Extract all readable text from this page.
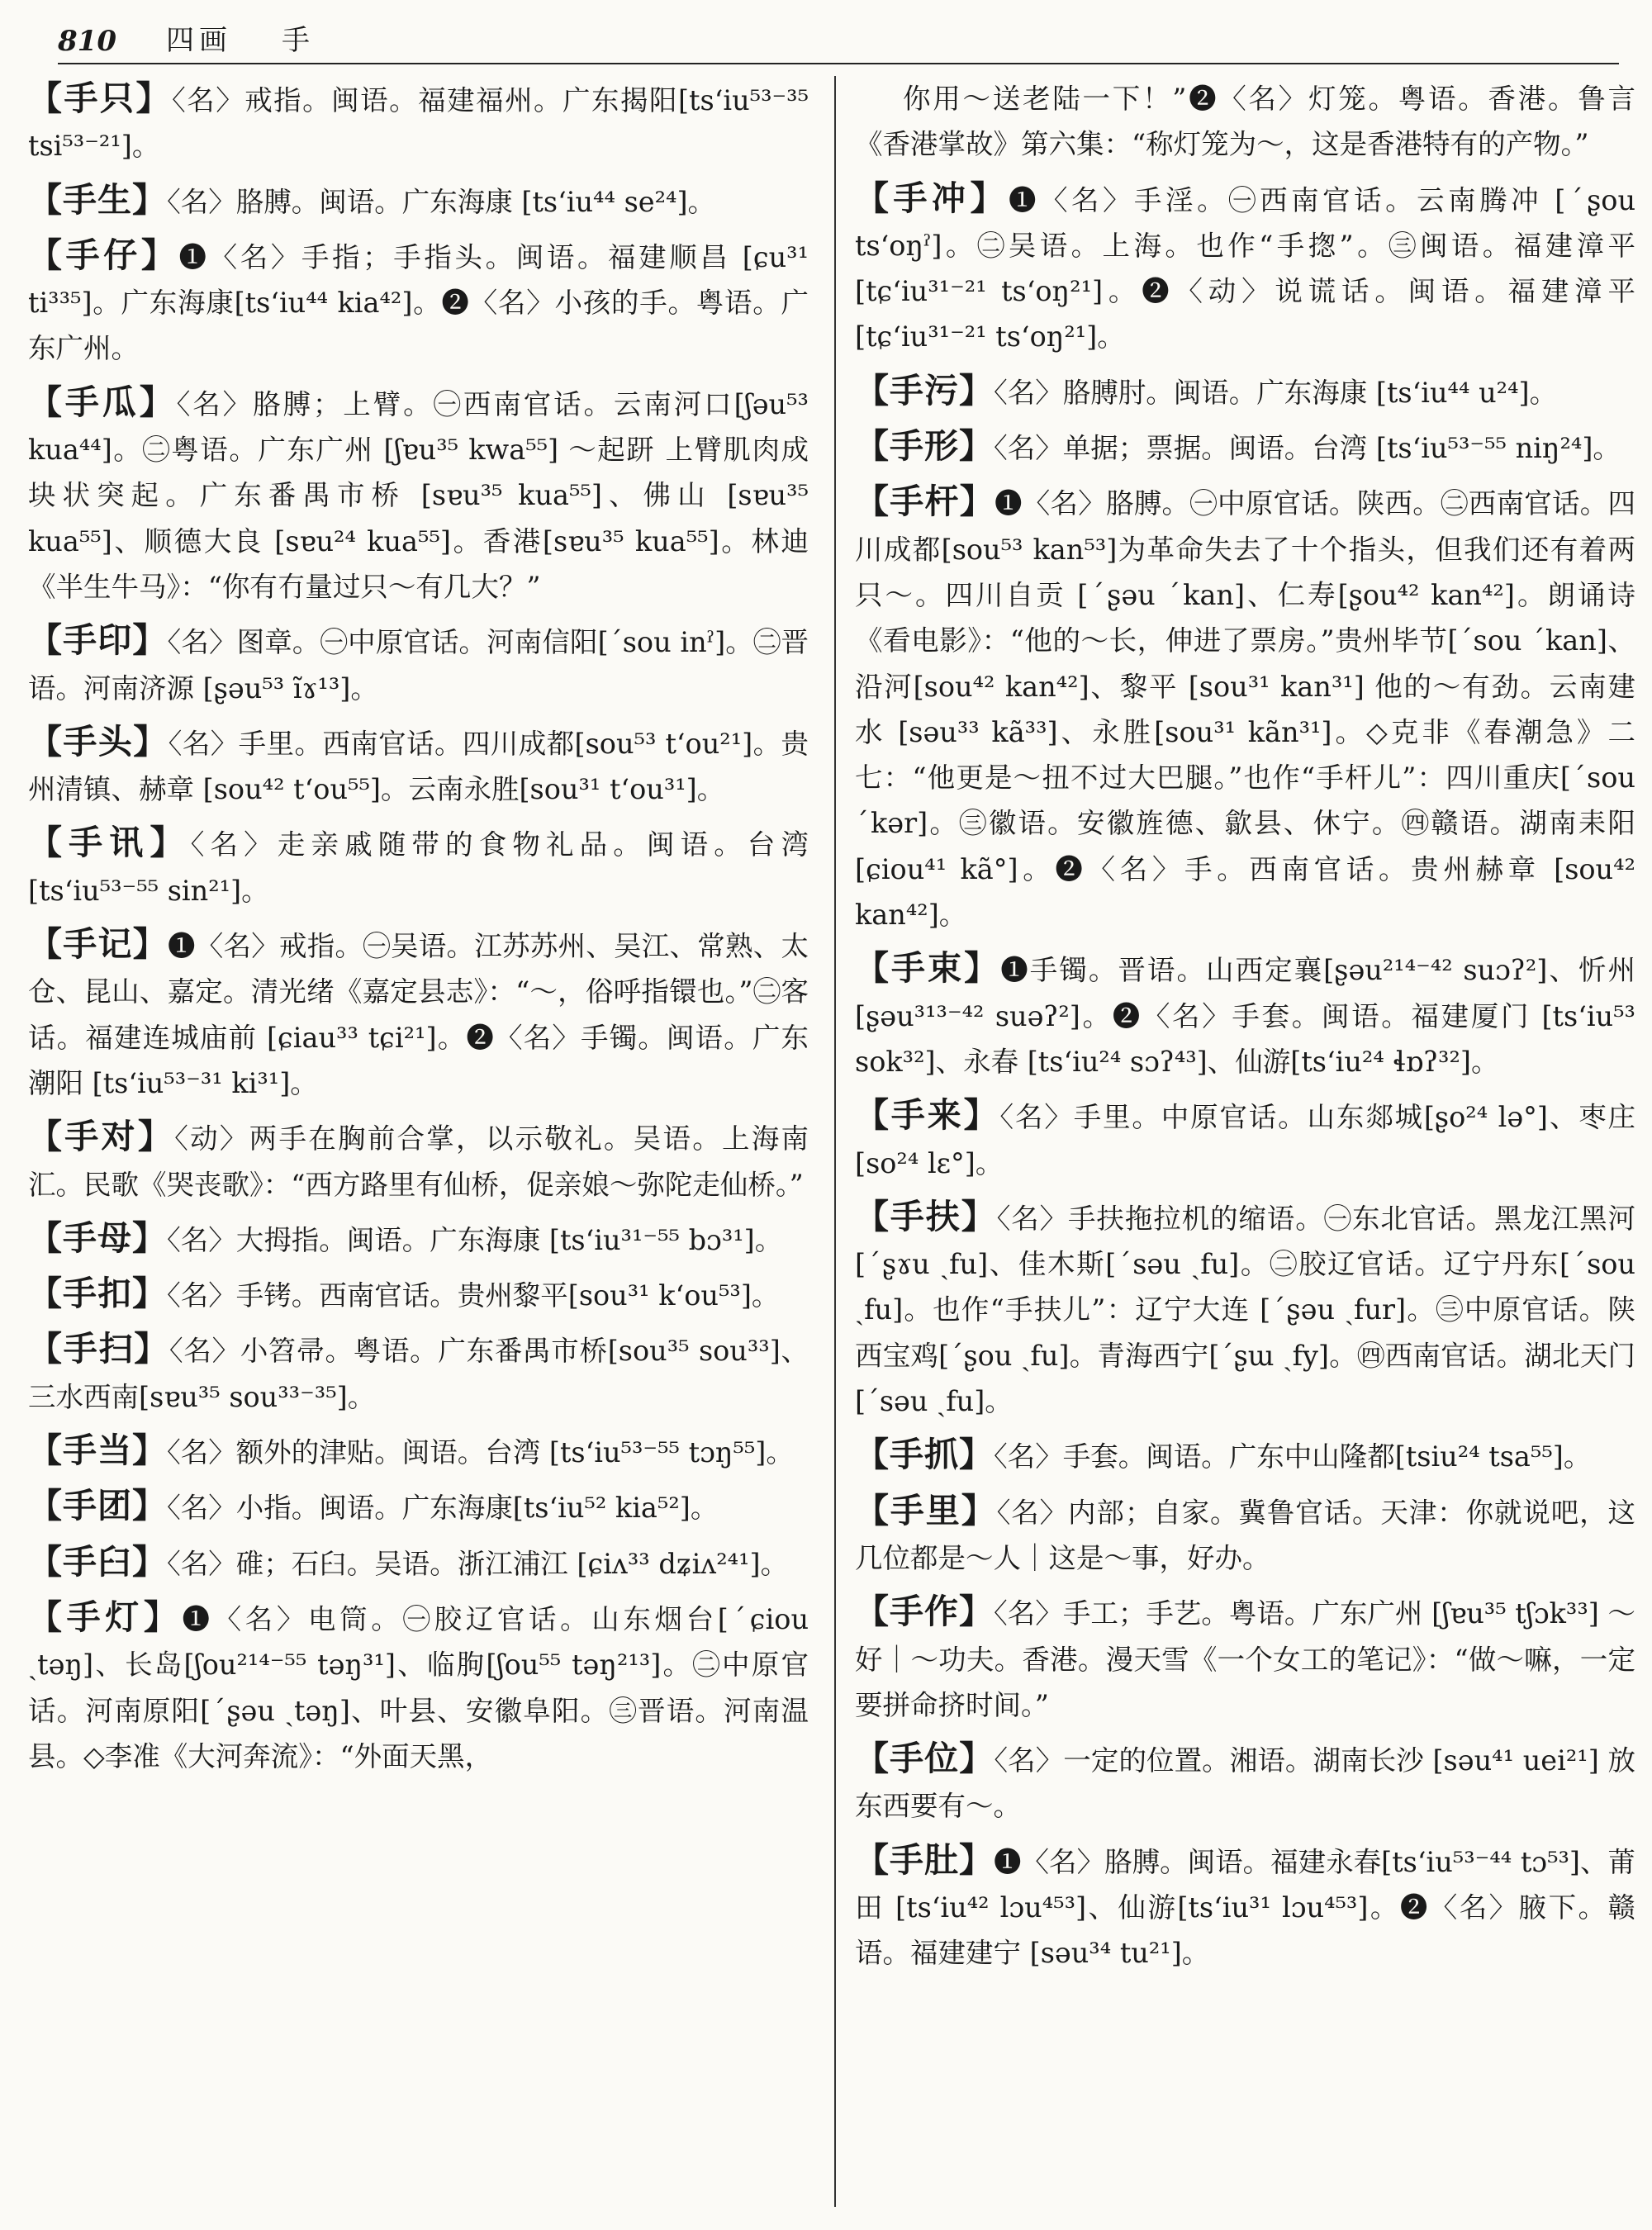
810 四画 手

【手只】〈名〉戒指。闽语。福建福州。广东揭阳[tsʻiu⁵³⁻³⁵ tsi⁵³⁻²¹]。

【手生】〈名〉胳膊。闽语。广东海康 [tsʻiu⁴⁴ se²⁴]。

【手仔】❶〈名〉手指；手指头。闽语。福建顺昌 [ɕu³¹ ti³³⁵]。广东海康[tsʻiu⁴⁴ kia⁴²]。❷〈名〉小孩的手。粤语。广东广州。

【手瓜】〈名〉胳膊；上臂。㊀西南官话。云南河口[ʃəu⁵³ kua⁴⁴]。㊁粤语。广东广州 [ʃɐu³⁵ kwa⁵⁵] ～起趼 上臂肌肉成块状突起。广东番禺市桥 [sɐu³⁵ kua⁵⁵]、佛山 [sɐu³⁵ kua⁵⁵]、顺德大良 [sɐu²⁴ kua⁵⁵]。香港[sɐu³⁵ kua⁵⁵]。林迪《半生牛马》：“你有冇量过只～有几大？”

【手印】〈名〉图章。㊀中原官话。河南信阳[ˊsou inˀ]。㊁晋语。河南济源 [ʂəu⁵³ ĩɤ¹³]。

【手头】〈名〉手里。西南官话。四川成都[sou⁵³ tʻou²¹]。贵州清镇、赫章 [sou⁴² tʻou⁵⁵]。云南永胜[sou³¹ tʻou³¹]。

【手讯】〈名〉走亲戚随带的食物礼品。闽语。台湾[tsʻiu⁵³⁻⁵⁵ sin²¹]。

【手记】❶〈名〉戒指。㊀吴语。江苏苏州、吴江、常熟、太仓、昆山、嘉定。清光绪《嘉定县志》：“～，俗呼指镮也。”㊁客话。福建连城庙前 [ɕiau³³ tɕi²¹]。❷〈名〉手镯。闽语。广东潮阳 [tsʻiu⁵³⁻³¹ ki³¹]。

【手对】〈动〉两手在胸前合掌，以示敬礼。吴语。上海南汇。民歌《哭丧歌》：“西方路里有仙桥，促亲娘～弥陀走仙桥。”

【手母】〈名〉大拇指。闽语。广东海康 [tsʻiu³¹⁻⁵⁵ bɔ³¹]。

【手扣】〈名〉手铐。西南官话。贵州黎平[sou³¹ kʻou⁵³]。

【手扫】〈名〉小笤帚。粤语。广东番禺市桥[sou³⁵ sou³³]、三水西南[sɐu³⁵ sou³³⁻³⁵]。

【手当】〈名〉额外的津贴。闽语。台湾 [tsʻiu⁵³⁻⁵⁵ tɔŋ⁵⁵]。

【手团】〈名〉小指。闽语。广东海康[tsʻiu⁵² kia⁵²]。

【手臼】〈名〉碓；石臼。吴语。浙江浦江 [ɕiʌ³³ dʑiʌ²⁴¹]。

【手灯】❶〈名〉电筒。㊀胶辽官话。山东烟台[ˊɕiou ˏtəŋ]、长岛[ʃou²¹⁴⁻⁵⁵ təŋ³¹]、临朐[ʃou⁵⁵ təŋ²¹³]。㊁中原官话。河南原阳[ˊʂəu ˏtəŋ]、叶县、安徽阜阳。㊂晋语。河南温县。◇李准《大河奔流》：“外面天黑，

你用～送老陆一下！”❷〈名〉灯笼。粤语。香港。鲁言《香港掌故》第六集：“称灯笼为～，这是香港特有的产物。”

【手冲】❶〈名〉手淫。㊀西南官话。云南腾冲 [ˊʂou tsʻoŋˀ]。㊁吴语。上海。也作“手揔”。㊂闽语。福建漳平 [tɕʻiu³¹⁻²¹ tsʻoŋ²¹]。❷〈动〉说谎话。闽语。福建漳平 [tɕʻiu³¹⁻²¹ tsʻoŋ²¹]。

【手污】〈名〉胳膊肘。闽语。广东海康 [tsʻiu⁴⁴ u²⁴]。

【手形】〈名〉单据；票据。闽语。台湾 [tsʻiu⁵³⁻⁵⁵ niŋ²⁴]。

【手杆】❶〈名〉胳膊。㊀中原官话。陕西。㊁西南官话。四川成都[sou⁵³ kan⁵³]为革命失去了十个指头，但我们还有着两只～。四川自贡 [ˊʂəu ˊkan]、仁寿[ʂou⁴² kan⁴²]。朗诵诗《看电影》：“他的～长，伸进了票房。”贵州毕节[ˊsou ˊkan]、沿河[sou⁴² kan⁴²]、黎平 [sou³¹ kan³¹] 他的～有劲。云南建水 [səu³³ kã³³]、永胜[sou³¹ kãn³¹]。◇克非《春潮急》二七：“他更是～扭不过大巴腿。”也作“手杆儿”：四川重庆[ˊsou ˊkər]。㊂徽语。安徽旌德、歙县、休宁。㊃赣语。湖南耒阳[ɕiou⁴¹ kã°]。❷〈名〉手。西南官话。贵州赫章 [sou⁴² kan⁴²]。

【手束】❶手镯。晋语。山西定襄[ʂəu²¹⁴⁻⁴² suɔʔ²]、忻州[ʂəu³¹³⁻⁴² suəʔ²]。❷〈名〉手套。闽语。福建厦门 [tsʻiu⁵³ sok³²]、永春 [tsʻiu²⁴ sɔʔ⁴³]、仙游[tsʻiu²⁴ ɬɒʔ³²]。

【手来】〈名〉手里。中原官话。山东郯城[ʂo²⁴ lə°]、枣庄[so²⁴ lɛ°]。

【手扶】〈名〉手扶拖拉机的缩语。㊀东北官话。黑龙江黑河[ˊʂɤu ˏfu]、佳木斯[ˊsəu ˏfu]。㊁胶辽官话。辽宁丹东[ˊsou ˏfu]。也作“手扶儿”：辽宁大连 [ˊʂəu ˏfur]。㊂中原官话。陕西宝鸡[ˊʂou ˏfu]。青海西宁[ˊʂɯ ˏfy]。㊃西南官话。湖北天门[ˊsəu ˏfu]。

【手抓】〈名〉手套。闽语。广东中山隆都[tsiu²⁴ tsa⁵⁵]。

【手里】〈名〉内部；自家。冀鲁官话。天津：你就说吧，这几位都是～人｜这是～事，好办。

【手作】〈名〉手工；手艺。粤语。广东广州 [ʃɐu³⁵ tʃɔk³³] ～好｜～功夫。香港。漫天雪《一个女工的笔记》：“做～嘛，一定要拼命挤时间。”

【手位】〈名〉一定的位置。湘语。湖南长沙 [səu⁴¹ uei²¹] 放东西要有～。

【手肚】❶〈名〉胳膊。闽语。福建永春[tsʻiu⁵³⁻⁴⁴ tɔ⁵³]、莆田 [tsʻiu⁴² lɔu⁴⁵³]、仙游[tsʻiu³¹ lɔu⁴⁵³]。❷〈名〉腋下。赣语。福建建宁 [səu³⁴ tu²¹]。
